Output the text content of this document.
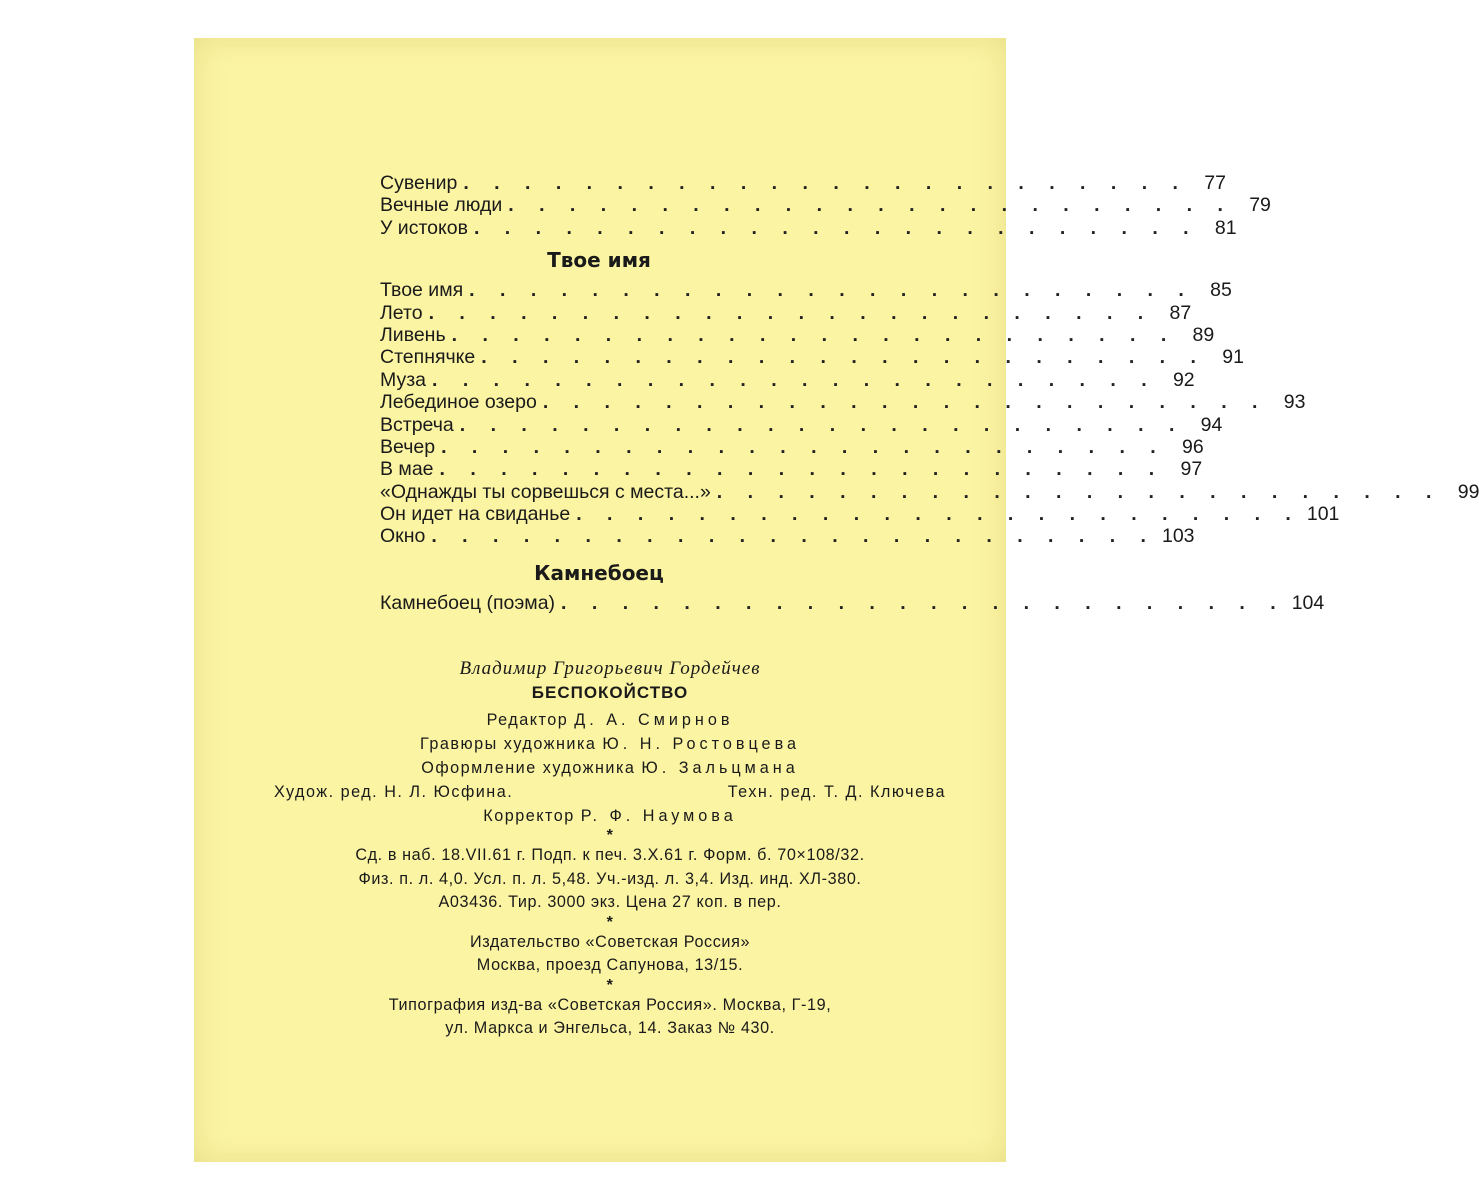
Сувенир . . . . . . . . . . . . . . . . . . . . . . . . 77
Вечные люди . . . . . . . . . . . . . . . . . . . . . . . . 79
У истоков . . . . . . . . . . . . . . . . . . . . . . . . 81
Твое имя
Твое имя . . . . . . . . . . . . . . . . . . . . . . . . 85
Лето . . . . . . . . . . . . . . . . . . . . . . . . 87
Ливень . . . . . . . . . . . . . . . . . . . . . . . . 89
Степнячке . . . . . . . . . . . . . . . . . . . . . . . . 91
Муза . . . . . . . . . . . . . . . . . . . . . . . . 92
Лебединое озеро . . . . . . . . . . . . . . . . . . . . . . . . 93
Встреча . . . . . . . . . . . . . . . . . . . . . . . . 94
Вечер . . . . . . . . . . . . . . . . . . . . . . . . 96
В мае . . . . . . . . . . . . . . . . . . . . . . . . 97
«Однажды ты сорвешься с места...» . . . . . . . . . . . . . . . . . . . . . . . . 99
Он идет на свиданье . . . . . . . . . . . . . . . . . . . . . . . . 101
Окно . . . . . . . . . . . . . . . . . . . . . . . . 103
Камнебоец
Камнебоец (поэма) . . . . . . . . . . . . . . . . . . . . . . . . 104
Владимир Григорьевич Гордейчев
БЕСПОКОЙСТВО
Редактор Д. А. Смирнов
Гравюры художника Ю. Н. Ростовцева
Оформление художника Ю. Зальцмана
Худож. ред. Н. Л. Юсфина.	Техн. ред. Т. Д. Ключева
Корректор Р. Ф. Наумова
*
Сд. в наб. 18.VII.61 г. Подп. к печ. 3.X.61 г. Форм. б. 70×108/32.
Физ. п. л. 4,0. Усл. п. л. 5,48. Уч.-изд. л. 3,4. Изд. инд. ХЛ-380.
А03436. Тир. 3000 экз. Цена 27 коп. в пер.
*
Издательство «Советская Россия»
Москва, проезд Сапунова, 13/15.
*
Типография изд-ва «Советская Россия». Москва, Г-19,
ул. Маркса и Энгельса, 14. Заказ № 430.
